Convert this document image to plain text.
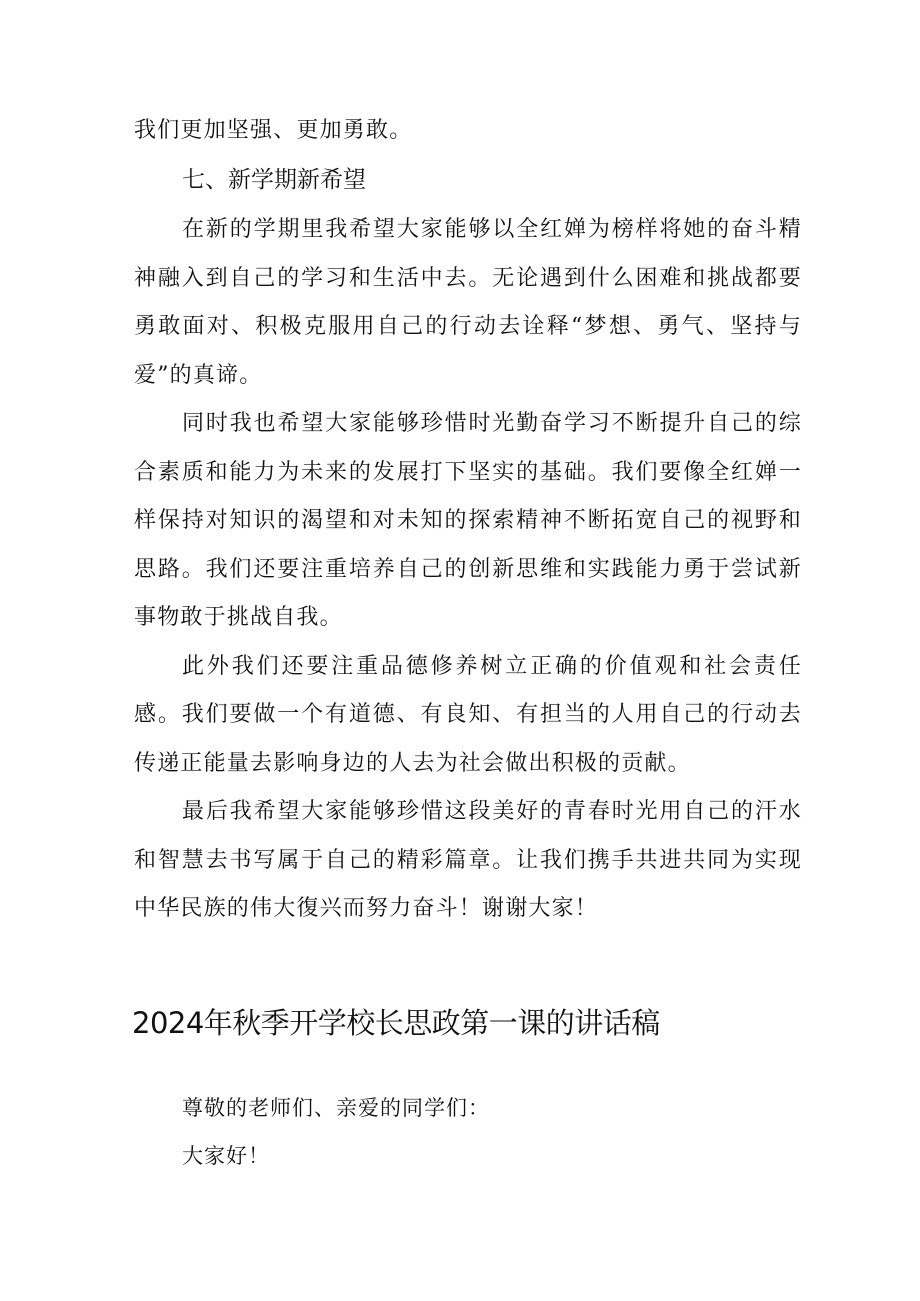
我们更加坚强、更加勇敢。

七、新学期新希望

在新的学期里我希望大家能够以全红婵为榜样将她的奋斗精神融入到自己的学习和生活中去。无论遇到什么困难和挑战都要勇敢面对、积极克服用自己的行动去诠释“梦想、勇气、坚持与爱”的真谛。

同时我也希望大家能够珍惜时光勤奋学习不断提升自己的综合素质和能力为未来的发展打下坚实的基础。我们要像全红婵一样保持对知识的渴望和对未知的探索精神不断拓宽自己的视野和思路。我们还要注重培养自己的创新思维和实践能力勇于尝试新事物敢于挑战自我。

此外我们还要注重品德修养树立正确的价值观和社会责任感。我们要做一个有道德、有良知、有担当的人用自己的行动去传递正能量去影响身边的人去为社会做出积极的贡献。

最后我希望大家能够珍惜这段美好的青春时光用自己的汗水和智慧去书写属于自己的精彩篇章。让我们携手共进共同为实现中华民族的伟大復兴而努力奋斗！谢谢大家！

2024年秋季开学校长思政第一课的讲话稿

尊敬的老师们、亲爱的同学们：

大家好！
